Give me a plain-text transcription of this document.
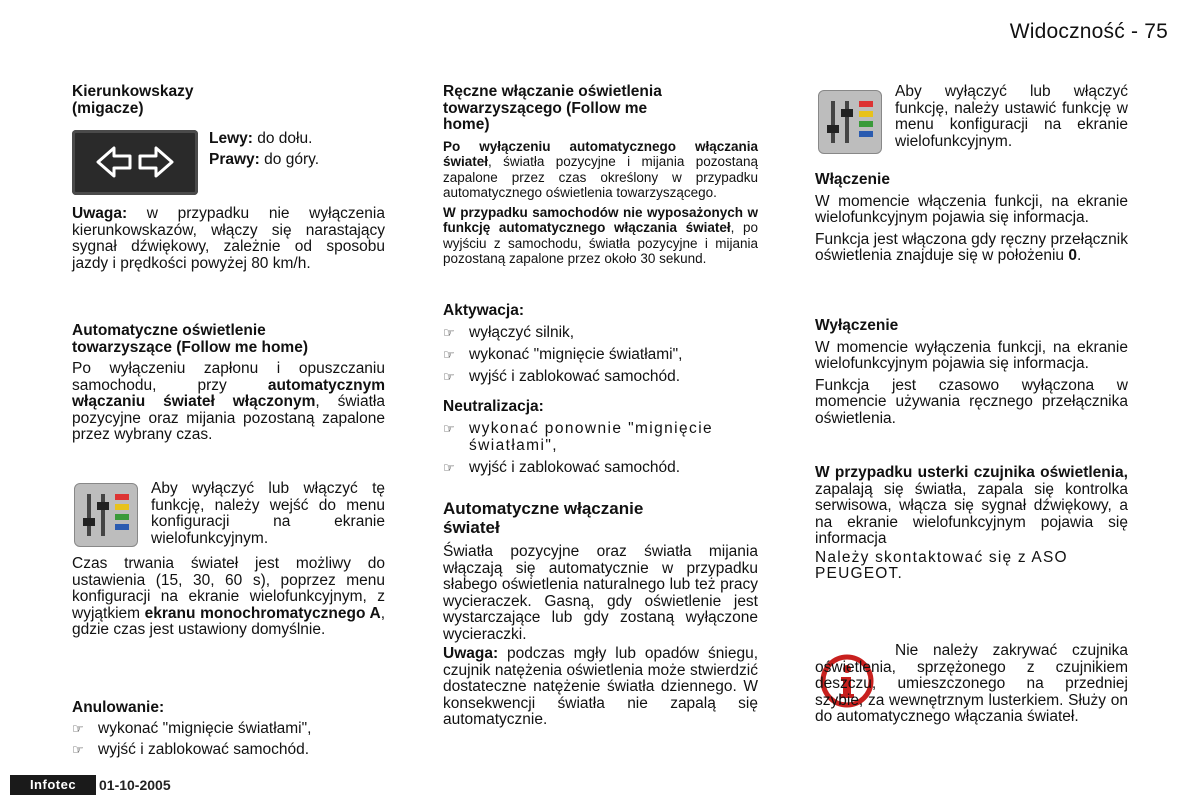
Widoczność - 75

Kierunkowskazy
(migacze)

Lewy: do dołu.

Prawy: do góry.

Uwaga: w przypadku nie wyłączenia kierunkowskazów, włączy się narastający sygnał dźwiękowy, zależnie od sposobu jazdy i prędkości powyżej 80 km/h.

Automatyczne oświetlenie
towarzyszące (Follow me home)

Po wyłączeniu zapłonu i opuszczaniu samochodu, przy automatycznym włączaniu świateł włączonym, światła pozycyjne oraz mijania pozostaną zapalone przez wybrany czas.

Aby wyłączyć lub włączyć tę funkcję, należy wejść do menu konfiguracji na ekranie wielofunkcyjnym.

Czas trwania świateł jest możliwy do ustawienia (15, 30, 60 s), poprzez menu konfiguracji na ekranie wielofunkcyjnym, z wyjątkiem ekranu monochromatycznego A, gdzie czas jest ustawiony domyślnie.

Anulowanie:

☞ wykonać "mignięcie światłami",

☞ wyjść i zablokować samochód.

Ręczne włączanie oświetlenia
towarzyszącego (Follow me
home)

Po wyłączeniu automatycznego włączania świateł, światła pozycyjne i mijania pozostaną zapalone przez czas określony w przypadku automatycznego oświetlenia towarzyszącego.

W przypadku samochodów nie wyposażonych w funkcję automatycznego włączania świateł, po wyjściu z samochodu, światła pozycyjne i mijania pozostaną zapalone przez około 30 sekund.

Aktywacja:

☞ wyłączyć silnik,

☞ wykonać "mignięcie światłami",

☞ wyjść i zablokować samochód.

Neutralizacja:

☞ wykonać ponownie "mignięcie światłami",

☞ wyjść i zablokować samochód.

Automatyczne włączanie
świateł

Światła pozycyjne oraz światła mijania włączają się automatycznie w przypadku słabego oświetlenia naturalnego lub też pracy wycieraczek. Gasną, gdy oświetlenie jest wystarczające lub gdy zostaną wyłączone wycieraczki.

Uwaga: podczas mgły lub opadów śniegu, czujnik natężenia oświetlenia może stwierdzić dostateczne natężenie światła dziennego. W konsekwencji światła nie zapalą się automatycznie.

Aby wyłączyć lub włączyć funkcję, należy ustawić funkcję w menu konfiguracji na ekranie wielofunkcyjnym.

Włączenie

W momencie włączenia funkcji, na ekranie wielofunkcyjnym pojawia się informacja.

Funkcja jest włączona gdy ręczny przełącznik oświetlenia znajduje się w położeniu 0.

Wyłączenie

W momencie wyłączenia funkcji, na ekranie wielofunkcyjnym pojawia się informacja.

Funkcja jest czasowo wyłączona w momencie używania ręcznego przełącznika oświetlenia.

W przypadku usterki czujnika oświetlenia, zapalają się światła, zapala się kontrolka serwisowa, włącza się sygnał dźwiękowy, a na ekranie wielofunkcyjnym pojawia się informacja

Należy skontaktować się z ASO PEUGEOT.

Nie należy zakrywać czujnika oświetlenia, sprzężonego z czujnikiem deszczu, umieszczonego na przedniej szybie, za wewnętrznym lusterkiem. Służy on do automatycznego włączania świateł.

Infotec	01-10-2005
